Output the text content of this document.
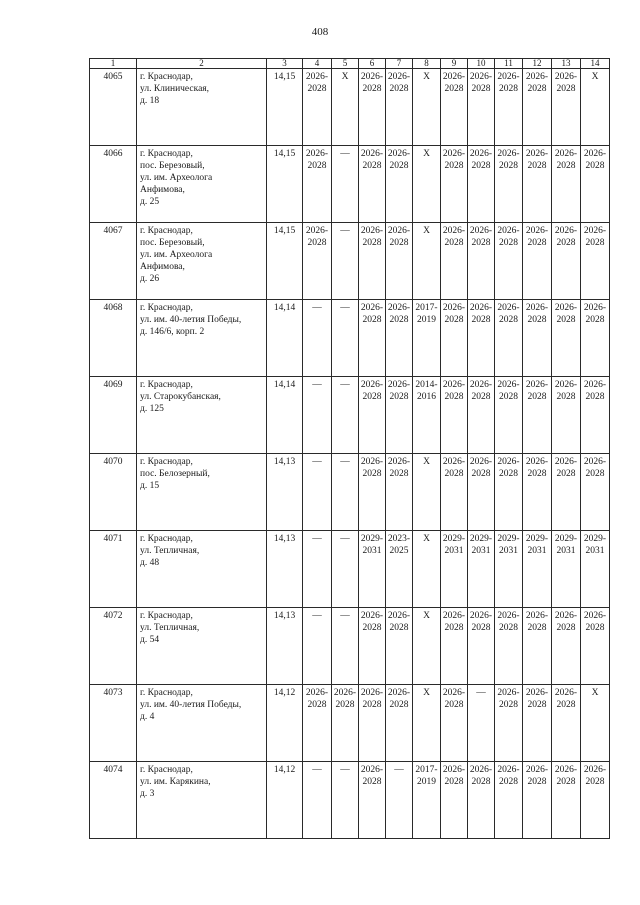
408
1	2	3	4	5	6	7	8	9	10	11	12	13	14
4065	г. Краснодар,
ул. Клиническая,
д. 18	14,15	2026-
2028	Х	2026-
2028	2026-
2028	Х	2026-
2028	2026-
2028	2026-
2028	2026-
2028	2026-
2028	Х

4066	г. Краснодар,
пос. Березовый,
ул. им. Археолога
Анфимова,
д. 25	14,15	2026-
2028	—	2026-
2028	2026-
2028	Х	2026-
2028	2026-
2028	2026-
2028	2026-
2028	2026-
2028	2026-
2028

4067	г. Краснодар,
пос. Березовый,
ул. им. Археолога
Анфимова,
д. 26	14,15	2026-
2028	—	2026-
2028	2026-
2028	Х	2026-
2028	2026-
2028	2026-
2028	2026-
2028	2026-
2028	2026-
2028

4068	г. Краснодар,
ул. им. 40-летия Победы,
д. 146/6, корп. 2	14,14	—	—	2026-
2028	2026-
2028	2017-
2019	2026-
2028	2026-
2028	2026-
2028	2026-
2028	2026-
2028	2026-
2028

4069	г. Краснодар,
ул. Старокубанская,
д. 125	14,14	—	—	2026-
2028	2026-
2028	2014-
2016	2026-
2028	2026-
2028	2026-
2028	2026-
2028	2026-
2028	2026-
2028

4070	г. Краснодар,
пос. Белозерный,
д. 15	14,13	—	—	2026-
2028	2026-
2028	Х	2026-
2028	2026-
2028	2026-
2028	2026-
2028	2026-
2028	2026-
2028

4071	г. Краснодар,
ул. Тепличная,
д. 48	14,13	—	—	2029-
2031	2023-
2025	Х	2029-
2031	2029-
2031	2029-
2031	2029-
2031	2029-
2031	2029-
2031

4072	г. Краснодар,
ул. Тепличная,
д. 54	14,13	—	—	2026-
2028	2026-
2028	Х	2026-
2028	2026-
2028	2026-
2028	2026-
2028	2026-
2028	2026-
2028

4073	г. Краснодар,
ул. им. 40-летия Победы,
д. 4	14,12	2026-
2028	2026-
2028	2026-
2028	2026-
2028	Х	2026-
2028	—	2026-
2028	2026-
2028	2026-
2028	Х

4074	г. Краснодар,
ул. им. Карякина,
д. 3	14,12	—	—	2026-
2028	—	2017-
2019	2026-
2028	2026-
2028	2026-
2028	2026-
2028	2026-
2028	2026-
2028
